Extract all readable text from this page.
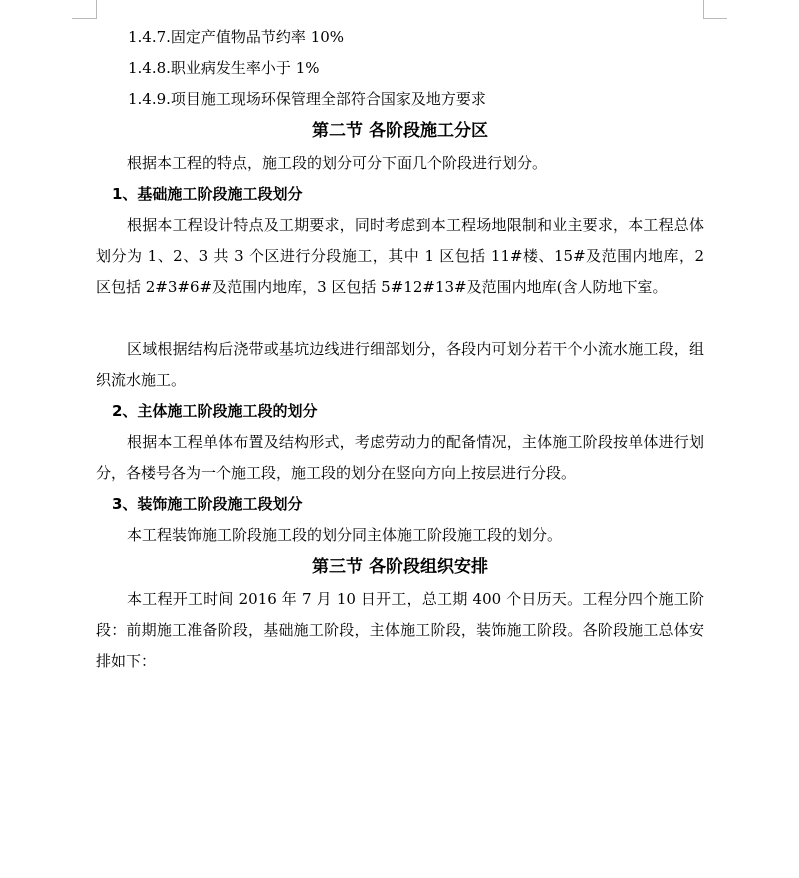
1.4.7.固定产值物品节约率 10%

1.4.8.职业病发生率小于 1%

1.4.9.项目施工现场环保管理全部符合国家及地方要求

第二节 各阶段施工分区

根据本工程的特点，施工段的划分可分下面几个阶段进行划分。

1、基础施工阶段施工段划分

根据本工程设计特点及工期要求，同时考虑到本工程场地限制和业主要求，本工程总体划分为 1、2、3 共 3 个区进行分段施工，其中 1 区包括 11#楼、15#及范围内地库，2 区包括 2#3#6#及范围内地库，3 区包括 5#12#13#及范围内地库(含人防地下室。

区域根据结构后浇带或基坑边线进行细部划分，各段内可划分若干个小流水施工段，组织流水施工。

2、主体施工阶段施工段的划分

根据本工程单体布置及结构形式，考虑劳动力的配备情况，主体施工阶段按单体进行划分，各楼号各为一个施工段，施工段的划分在竖向方向上按层进行分段。

3、装饰施工阶段施工段划分

本工程装饰施工阶段施工段的划分同主体施工阶段施工段的划分。

第三节 各阶段组织安排

本工程开工时间 2016 年 7 月 10 日开工，总工期 400 个日历天。工程分四个施工阶段：前期施工准备阶段，基础施工阶段，主体施工阶段，装饰施工阶段。各阶段施工总体安排如下：
